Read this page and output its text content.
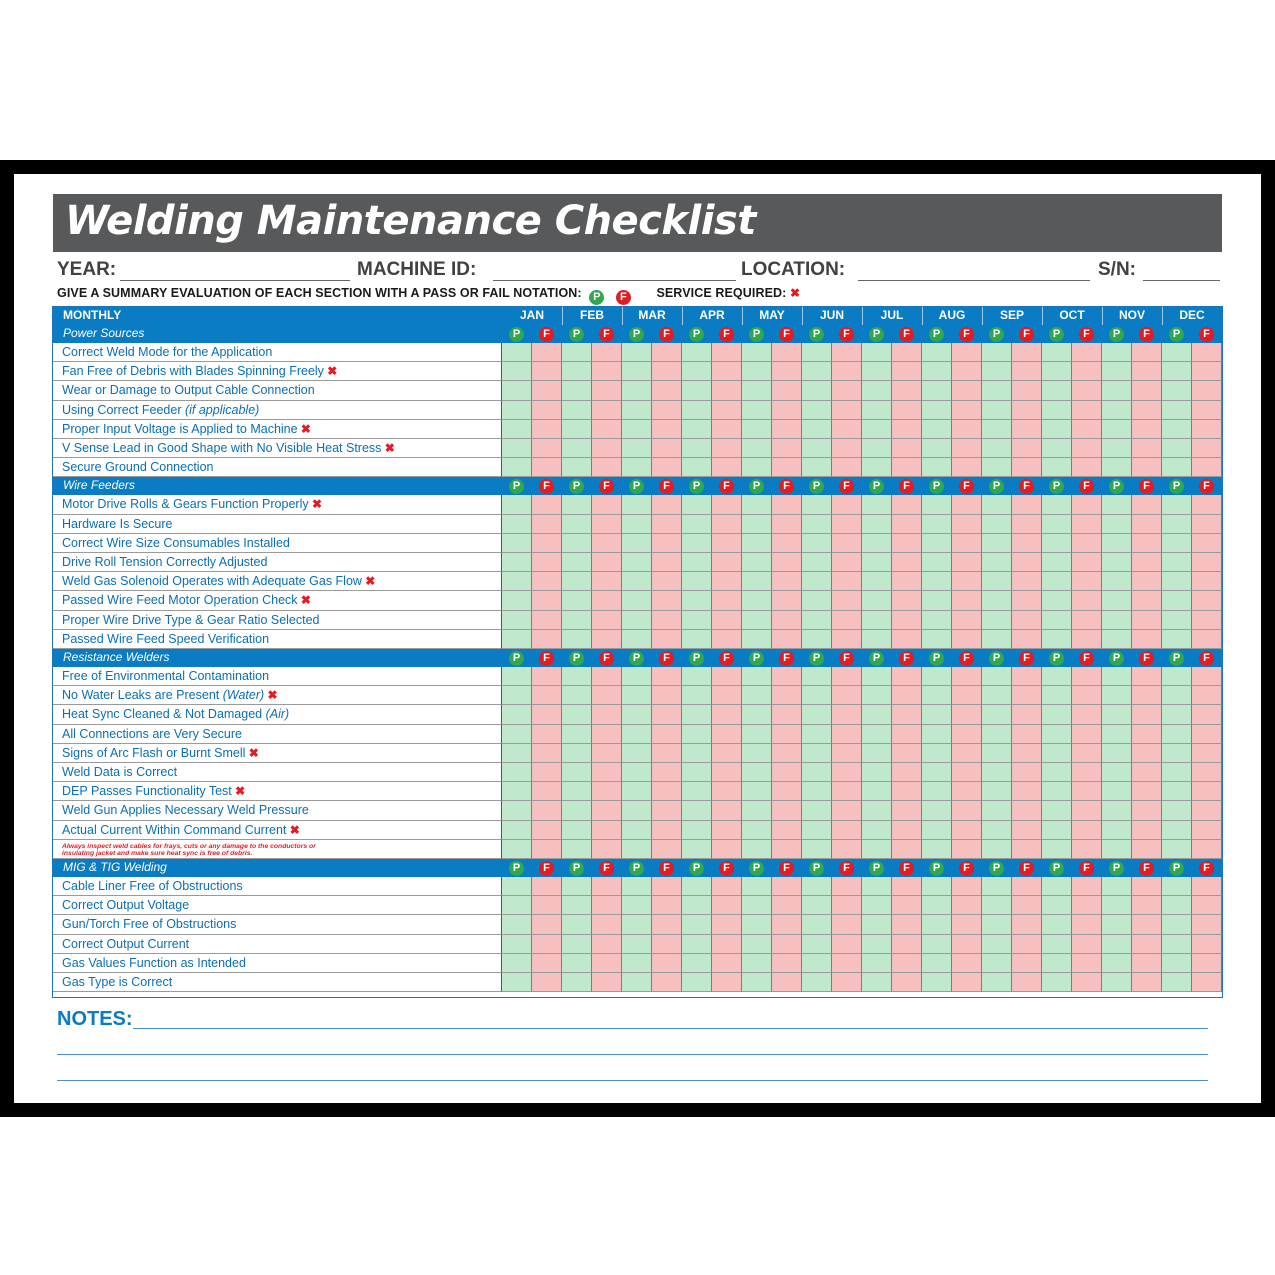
Welding Maintenance Checklist
YEAR:	MACHINE ID:	LOCATION:	S/N:
GIVE A SUMMARY EVALUATION OF EACH SECTION WITH A PASS OR FAIL NOTATION: P F SERVICE REQUIRED: ✖
MONTHLY	JAN	FEB	MAR	APR	MAY	JUN	JUL	AUG	SEP	OCT	NOV	DEC
Power Sources	P	F	P	F	P	F	P	F	P	F	P	F	P	F	P	F	P	F	P	F	P	F	P	F
Correct Weld Mode for the Application
Fan Free of Debris with Blades Spinning Freely ✖
Wear or Damage to Output Cable Connection
Using Correct Feeder (if applicable)
Proper Input Voltage is Applied to Machine ✖
V Sense Lead in Good Shape with No Visible Heat Stress ✖
Secure Ground Connection
Wire Feeders	P	F	P	F	P	F	P	F	P	F	P	F	P	F	P	F	P	F	P	F	P	F	P	F
Motor Drive Rolls & Gears Function Properly ✖
Hardware Is Secure
Correct Wire Size Consumables Installed
Drive Roll Tension Correctly Adjusted
Weld Gas Solenoid Operates with Adequate Gas Flow ✖
Passed Wire Feed Motor Operation Check ✖
Proper Wire Drive Type & Gear Ratio Selected
Passed Wire Feed Speed Verification
Resistance Welders	P	F	P	F	P	F	P	F	P	F	P	F	P	F	P	F	P	F	P	F	P	F	P	F
Free of Environmental Contamination
No Water Leaks are Present (Water) ✖
Heat Sync Cleaned & Not Damaged (Air)
All Connections are Very Secure
Signs of Arc Flash or Burnt Smell ✖
Weld Data is Correct
DEP Passes Functionality Test ✖
Weld Gun Applies Necessary Weld Pressure
Actual Current Within Command Current ✖
Always inspect weld cables for frays, cuts or any damage to the conductors or insulating jacket and make sure heat sync is free of debris.
MIG & TIG Welding	P	F	P	F	P	F	P	F	P	F	P	F	P	F	P	F	P	F	P	F	P	F	P	F
Cable Liner Free of Obstructions
Correct Output Voltage
Gun/Torch Free of Obstructions
Correct Output Current
Gas Values Function as Intended
Gas Type is Correct
NOTES:
